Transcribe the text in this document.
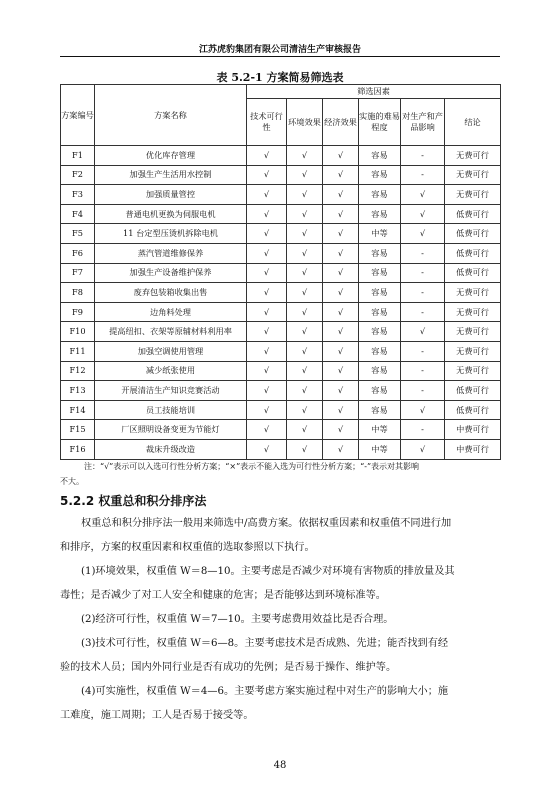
江苏虎豹集团有限公司清洁生产审核报告
表 5.2-1 方案简易筛选表
方案编号	方案名称	筛选因素					
		技术可行性	环境效果	经济效果	实施的难易程度	对生产和产品影响	结论
F1	优化库存管理	√	√	√	容易	-	无费可行
F2	加强生产生活用水控制	√	√	√	容易	-	无费可行
F3	加强质量管控	√	√	√	容易	√	无费可行
F4	普通电机更换为伺服电机	√	√	√	容易	√	低费可行
F5	11 台定型压烫机拆除电机	√	√	√	中等	√	低费可行
F6	蒸汽管道维修保养	√	√	√	容易	-	低费可行
F7	加强生产设备维护保养	√	√	√	容易	-	低费可行
F8	废弃包装箱收集出售	√	√	√	容易	-	无费可行
F9	边角料处理	√	√	√	容易	-	无费可行
F10	提高纽扣、衣架等原辅材料利用率	√	√	√	容易	√	无费可行
F11	加强空调使用管理	√	√	√	容易	-	无费可行
F12	减少纸张使用	√	√	√	容易	-	无费可行
F13	开展清洁生产知识竞赛活动	√	√	√	容易	-	低费可行
F14	员工技能培训	√	√	√	容易	√	低费可行
F15	厂区照明设备变更为节能灯	√	√	√	中等	-	中费可行
F16	裁床升级改造	√	√	√	中等	√	中费可行
注：“√”表示可以入选可行性分析方案；“×”表示不能入选为可行性分析方案；“-”表示对其影响
不大。
5.2.2 权重总和积分排序法
权重总和积分排序法一般用来筛选中/高费方案。依据权重因素和权重值不同进行加
和排序，方案的权重因素和权重值的选取参照以下执行。
(1)环境效果，权重值 W＝8—10。主要考虑是否减少对环境有害物质的排放量及其
毒性；是否减少了对工人安全和健康的危害；是否能够达到环境标准等。
(2)经济可行性，权重值 W＝7—10。主要考虑费用效益比是否合理。
(3)技术可行性，权重值 W＝6—8。主要考虑技术是否成熟、先进；能否找到有经
验的技术人员；国内外同行业是否有成功的先例；是否易于操作、维护等。
(4)可实施性，权重值 W＝4—6。主要考虑方案实施过程中对生产的影响大小；施
工难度，施工周期；工人是否易于接受等。
48
